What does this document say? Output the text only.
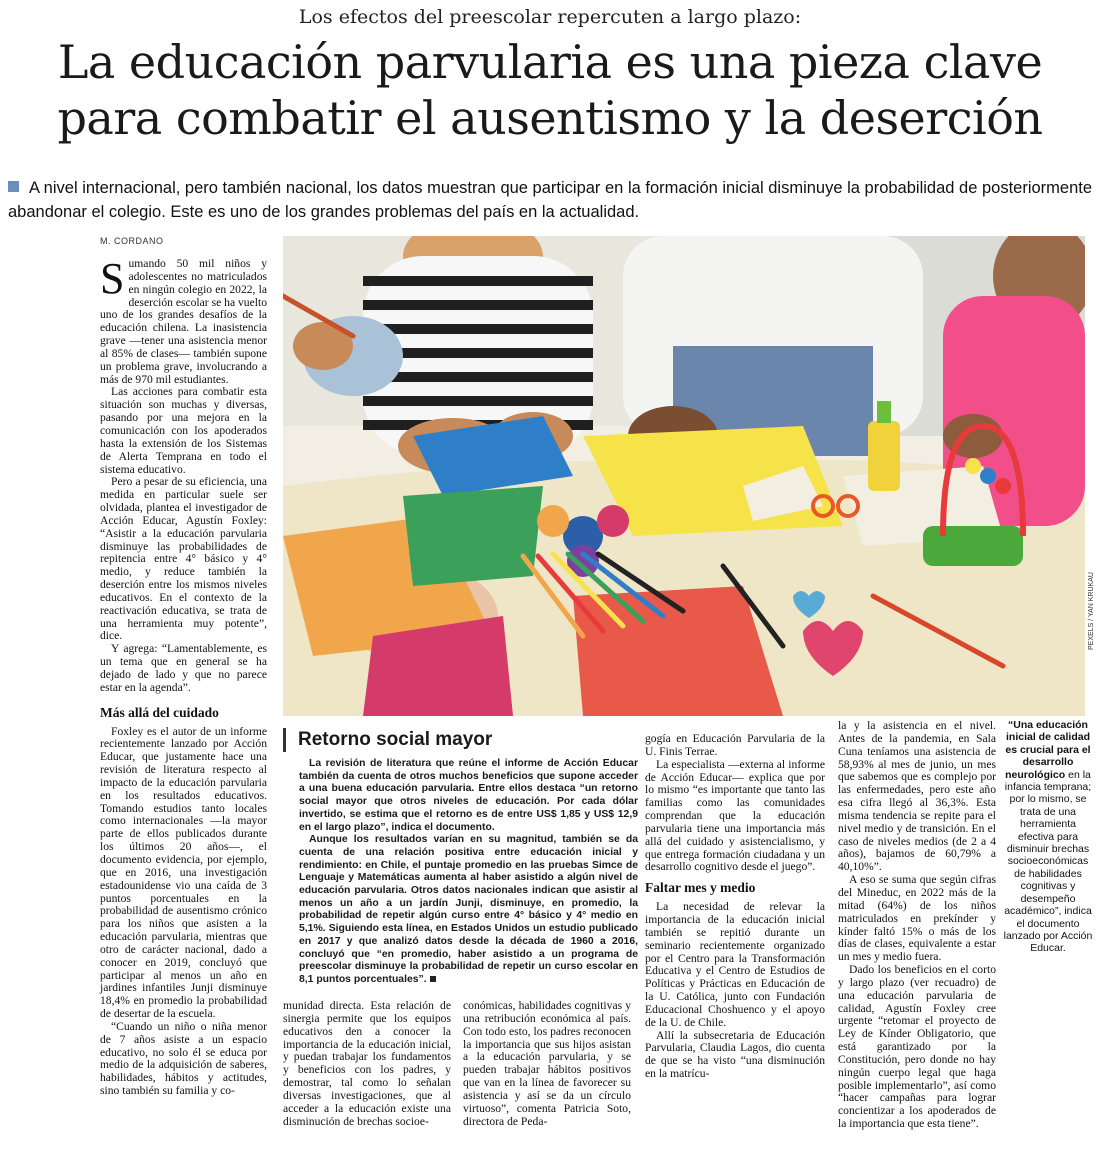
Los efectos del preescolar repercuten a largo plazo:
La educación parvularia es una pieza clave
para combatir el ausentismo y la deserción
A nivel internacional, pero también nacional, los datos muestran que participar en la formación inicial disminuye la probabilidad de posteriormente abandonar el colegio. Este es uno de los grandes problemas del país en la actualidad.
M. CORDANO
PEXELS / YAN KRUKAU

Sumando 50 mil niños y adolescentes no matriculados en ningún colegio en 2022, la deserción escolar se ha vuelto uno de los grandes desafíos de la educación chilena. La inasistencia grave —tener una asistencia menor al 85% de clases— también supone un problema grave, involucrando a más de 970 mil estudiantes.

Las acciones para combatir esta situación son muchas y diversas, pasando por una mejora en la comunicación con los apoderados hasta la extensión de los Sistemas de Alerta Temprana en todo el sistema educativo.

Pero a pesar de su eficiencia, una medida en particular suele ser olvidada, plantea el investigador de Acción Educar, Agustín Foxley: “Asistir a la educación parvularia disminuye las probabilidades de repitencia entre 4° básico y 4° medio, y reduce también la deserción entre los mismos niveles educativos. En el contexto de la reactivación educativa, se trata de una herramienta muy potente”, dice.

Y agrega: “Lamentablemente, es un tema que en general se ha dejado de lado y que no parece estar en la agenda”.

Más allá del cuidado

Foxley es el autor de un informe recientemente lanzado por Acción Educar, que justamente hace una revisión de literatura respecto al impacto de la educación parvularia en los resultados educativos. Tomando estudios tanto locales como internacionales —la mayor parte de ellos publicados durante los últimos 20 años—, el documento evidencia, por ejemplo, que en 2016, una investigación estadounidense vio una caída de 3 puntos porcentuales en la probabilidad de ausentismo crónico para los niños que asisten a la educación parvularia, mientras que otro de carácter nacional, dado a conocer en 2019, concluyó que participar al menos un año en jardines infantiles Junji disminuye 18,4% en promedio la probabilidad de desertar de la escuela.

“Cuando un niño o niña menor de 7 años asiste a un espacio educativo, no solo él se educa por medio de la adquisición de saberes, habilidades, hábitos y actitudes, sino también su familia y co-

Retorno social mayor

La revisión de literatura que reúne el informe de Acción Educar también da cuenta de otros muchos beneficios que supone acceder a una buena educación parvularia. Entre ellos destaca “un retorno social mayor que otros niveles de educación. Por cada dólar invertido, se estima que el retorno es de entre US$ 1,85 y US$ 12,9 en el largo plazo”, indica el documento.

Aunque los resultados varían en su magnitud, también se da cuenta de una relación positiva entre educación inicial y rendimiento: en Chile, el puntaje promedio en las pruebas Simce de Lenguaje y Matemáticas aumenta al haber asistido a algún nivel de educación parvularia. Otros datos nacionales indican que asistir al menos un año a un jardín Junji, disminuye, en promedio, la probabilidad de repetir algún curso entre 4° básico y 4° medio en 5,1%. Siguiendo esta línea, en Estados Unidos un estudio publicado en 2017 y que analizó datos desde la década de 1960 a 2016, concluyó que “en promedio, haber asistido a un programa de preescolar disminuye la probabilidad de repetir un curso escolar en 8,1 puntos porcentuales”.

munidad directa. Esta relación de sinergia permite que los equipos educativos den a conocer la importancia de la educación inicial, y puedan trabajar los fundamentos y beneficios con los padres, y demostrar, tal como lo señalan diversas investigaciones, que al acceder a la educación existe una disminución de brechas socioe-

conómicas, habilidades cognitivas y una retribución económica al país. Con todo esto, los padres reconocen la importancia que sus hijos asistan a la educación parvularia, y se pueden trabajar hábitos positivos que van en la línea de favorecer su asistencia y así se da un círculo virtuoso”, comenta Patricia Soto, directora de Peda-

gogía en Educación Parvularia de la U. Finis Terrae.

La especialista —externa al informe de Acción Educar— explica que por lo mismo “es importante que tanto las familias como las comunidades comprendan que la educación parvularia tiene una importancia más allá del cuidado y asistencialismo, y que entrega formación ciudadana y un desarrollo cognitivo desde el juego”.

Faltar mes y medio

La necesidad de relevar la importancia de la educación inicial también se repitió durante un seminario recientemente organizado por el Centro para la Transformación Educativa y el Centro de Estudios de Políticas y Prácticas en Educación de la U. Católica, junto con Fundación Educacional Choshuenco y el apoyo de la U. de Chile.

Allí la subsecretaria de Educación Parvularia, Claudia Lagos, dio cuenta de que se ha visto “una disminución en la matrícu-

la y la asistencia en el nivel. Antes de la pandemia, en Sala Cuna teníamos una asistencia de 58,93% al mes de junio, un mes que sabemos que es complejo por las enfermedades, pero este año esa cifra llegó al 36,3%. Esta misma tendencia se repite para el nivel medio y de transición. En el caso de niveles medios (de 2 a 4 años), bajamos de 60,79% a 40,10%”.

A eso se suma que según cifras del Mineduc, en 2022 más de la mitad (64%) de los niños matriculados en prekínder y kínder faltó 15% o más de los días de clases, equivalente a estar un mes y medio fuera.

Dado los beneficios en el corto y largo plazo (ver recuadro) de una educación parvularia de calidad, Agustín Foxley cree urgente “retomar el proyecto de Ley de Kínder Obligatorio, que está garantizado por la Constitución, pero donde no hay ningún cuerpo legal que haga posible implementarlo”, así como “hacer campañas para lograr concientizar a los apoderados de la importancia que esta tiene”.

“Una educación inicial de calidad es crucial para el desarrollo neurológico en la infancia temprana; por lo mismo, se trata de una herramienta efectiva para disminuir brechas socioeconómicas de habilidades cognitivas y desempeño académico”, indica el documento lanzado por Acción Educar.
